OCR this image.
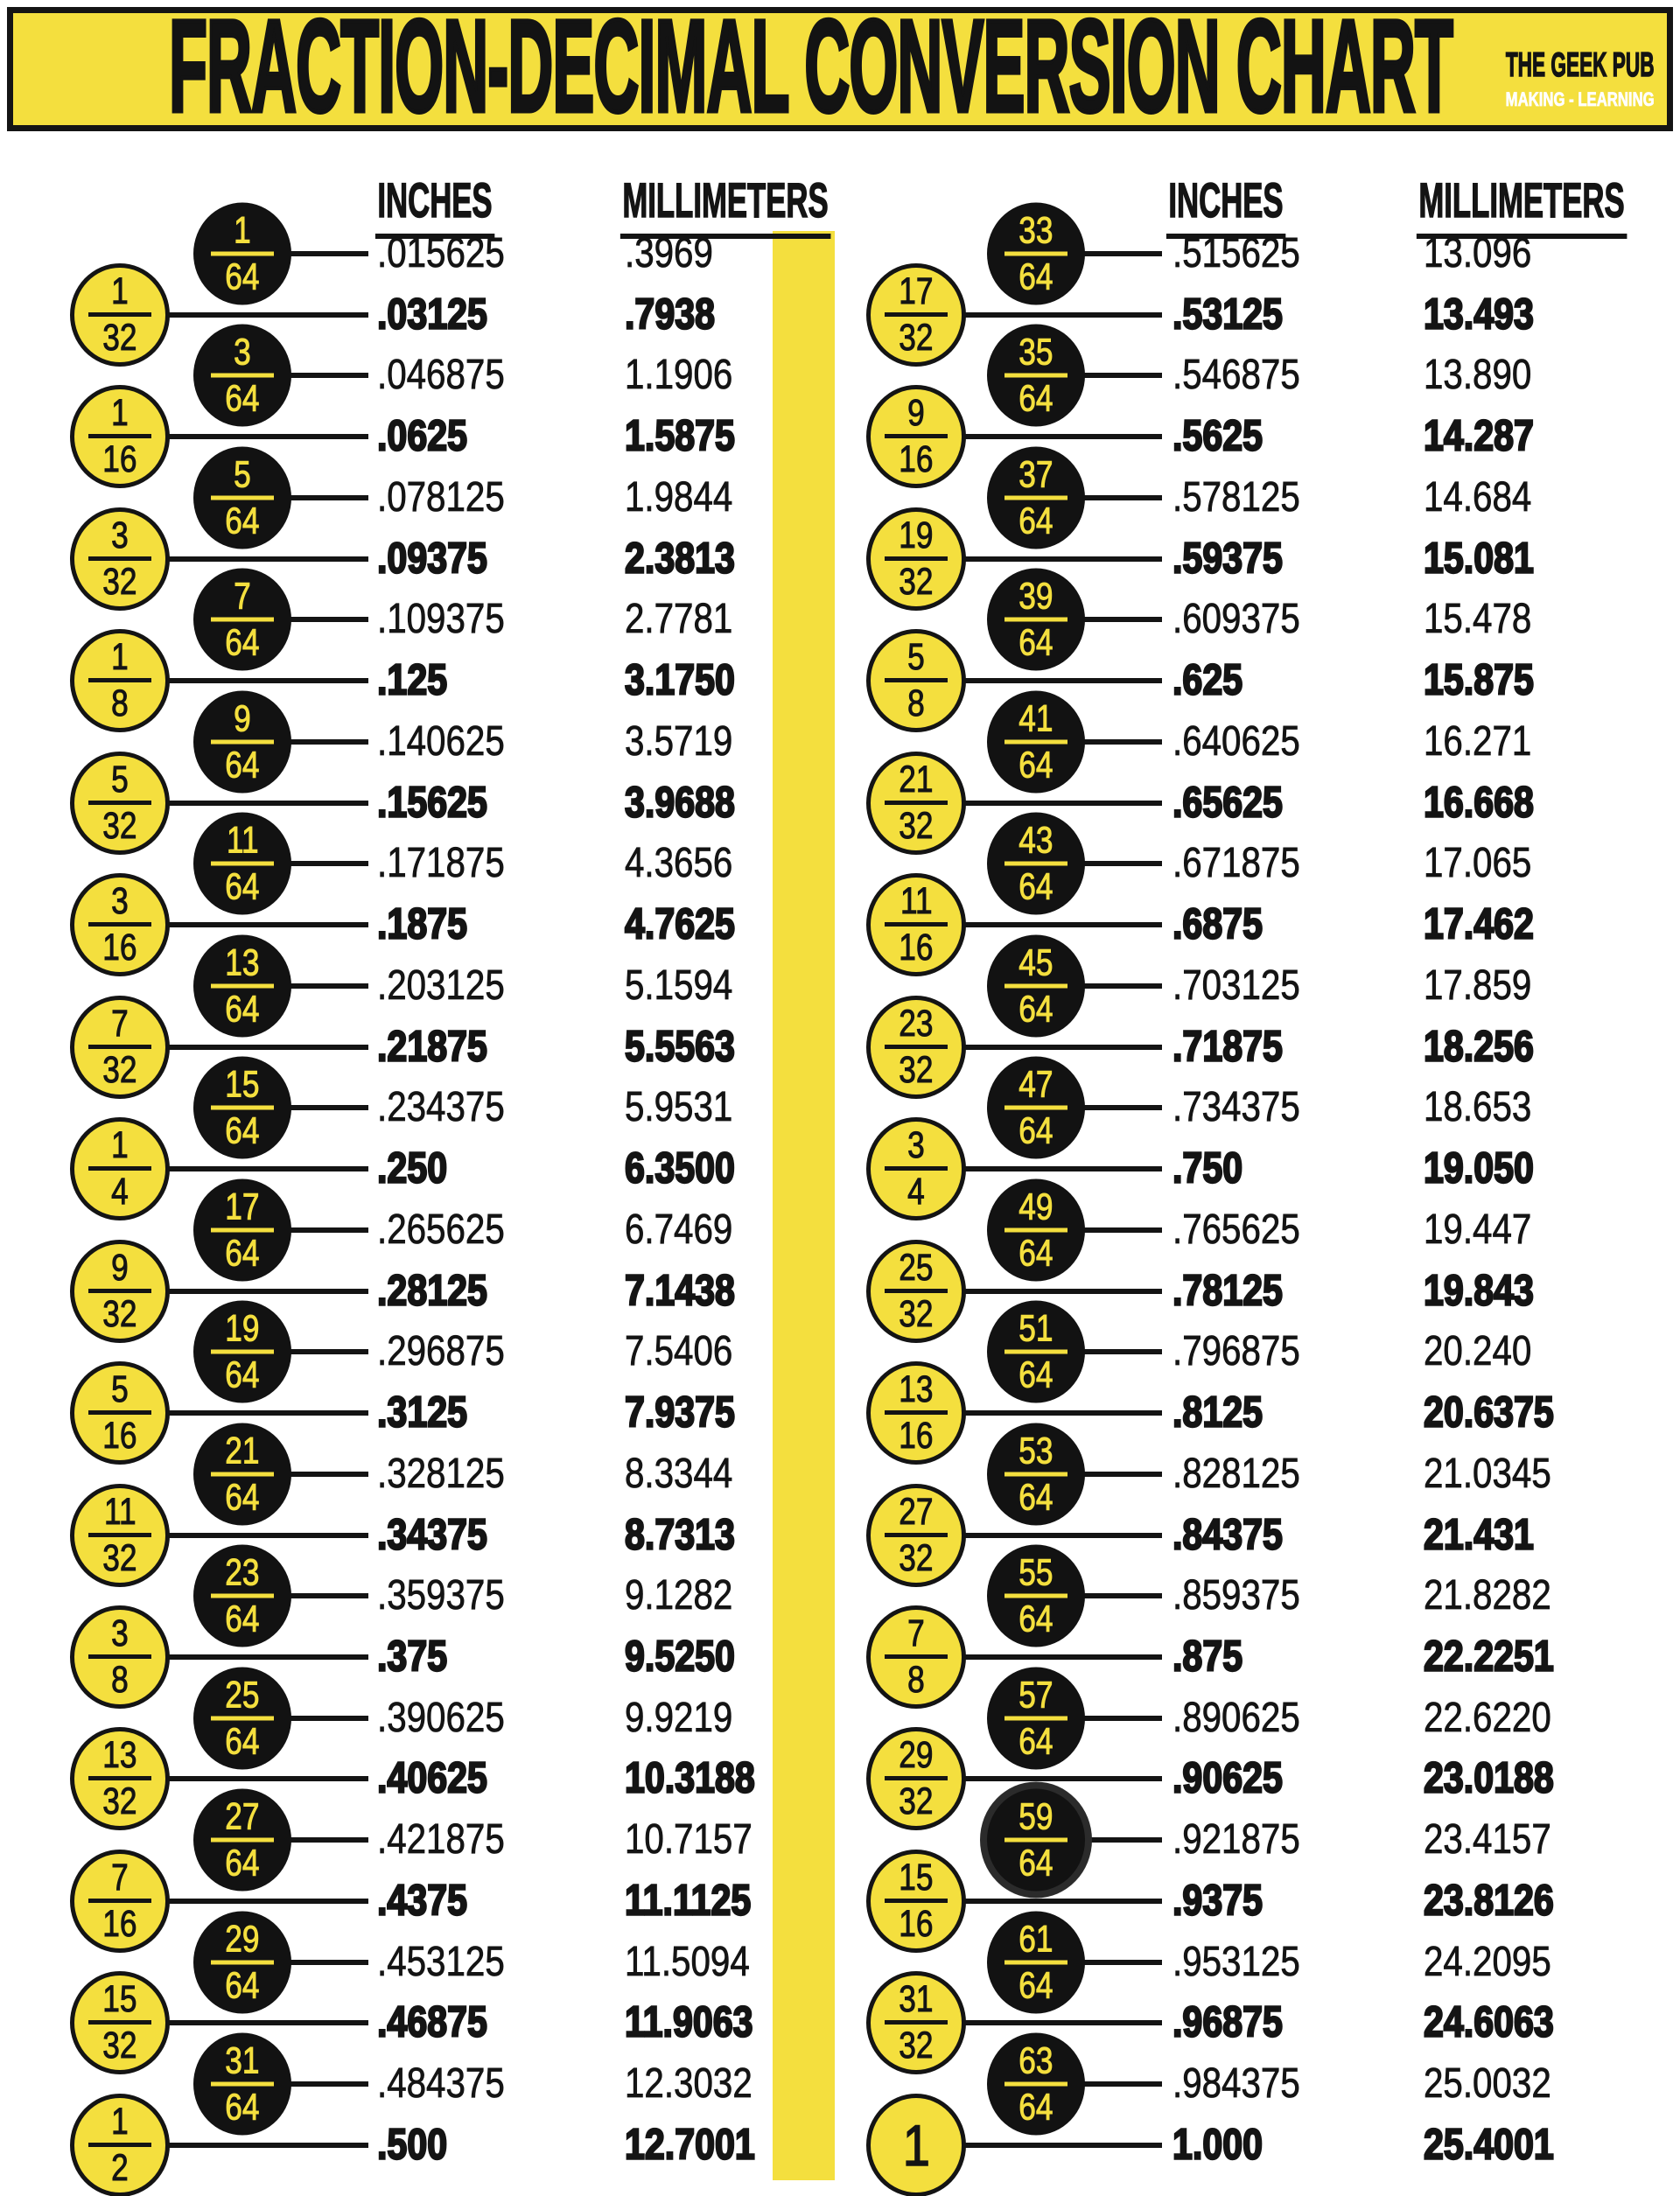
FRACTION-DECIMAL CONVERSION CHART THE GEEK PUB
MAKING - LEARNING
INCHES	MILLIMETERS	INCHES	MILLIMETERS
1
64	.015625	.3969
1
32	.03125	.7938
3
64	.046875	1.1906
1
16	.0625	1.5875
5
64	.078125	1.9844
3
32	.09375	2.3813
7
64	.109375	2.7781
1
8	.125	3.1750
9
64	.140625	3.5719
5
32	.15625	3.9688
11
64	.171875	4.3656
3
16	.1875	4.7625
13
64	.203125	5.1594
7
32	.21875	5.5563
15
64	.234375	5.9531
1
4	.250	6.3500
17
64	.265625	6.7469
9
32	.28125	7.1438
19
64	.296875	7.5406
5
16	.3125	7.9375
21
64	.328125	8.3344
11
32	.34375	8.7313
23
64	.359375	9.1282
3
8	.375	9.5250
25
64	.390625	9.9219
13
32	.40625	10.3188
27
64	.421875	10.7157
7
16	.4375	11.1125
29
64	.453125	11.5094
15
32	.46875	11.9063
31
64	.484375	12.3032
1
2	.500	12.7001
33
64	.515625	13.096
17
32	.53125	13.493
35
64	.546875	13.890
9
16	.5625	14.287
37
64	.578125	14.684
19
32	.59375	15.081
39
64	.609375	15.478
5
8	.625	15.875
41
64	.640625	16.271
21
32	.65625	16.668
43
64	.671875	17.065
11
16	.6875	17.462
45
64	.703125	17.859
23
32	.71875	18.256
47
64	.734375	18.653
3
4	.750	19.050
49
64	.765625	19.447
25
32	.78125	19.843
51
64	.796875	20.240
13
16	.8125	20.6375
53
64	.828125	21.0345
27
32	.84375	21.431
55
64	.859375	21.8282
7
8	.875	22.2251
57
64	.890625	22.6220
29
32	.90625	23.0188
59
64	.921875	23.4157
15
16	.9375	23.8126
61
64	.953125	24.2095
31
32	.96875	24.6063
63
64	.984375	25.0032
1	1.000	25.4001
